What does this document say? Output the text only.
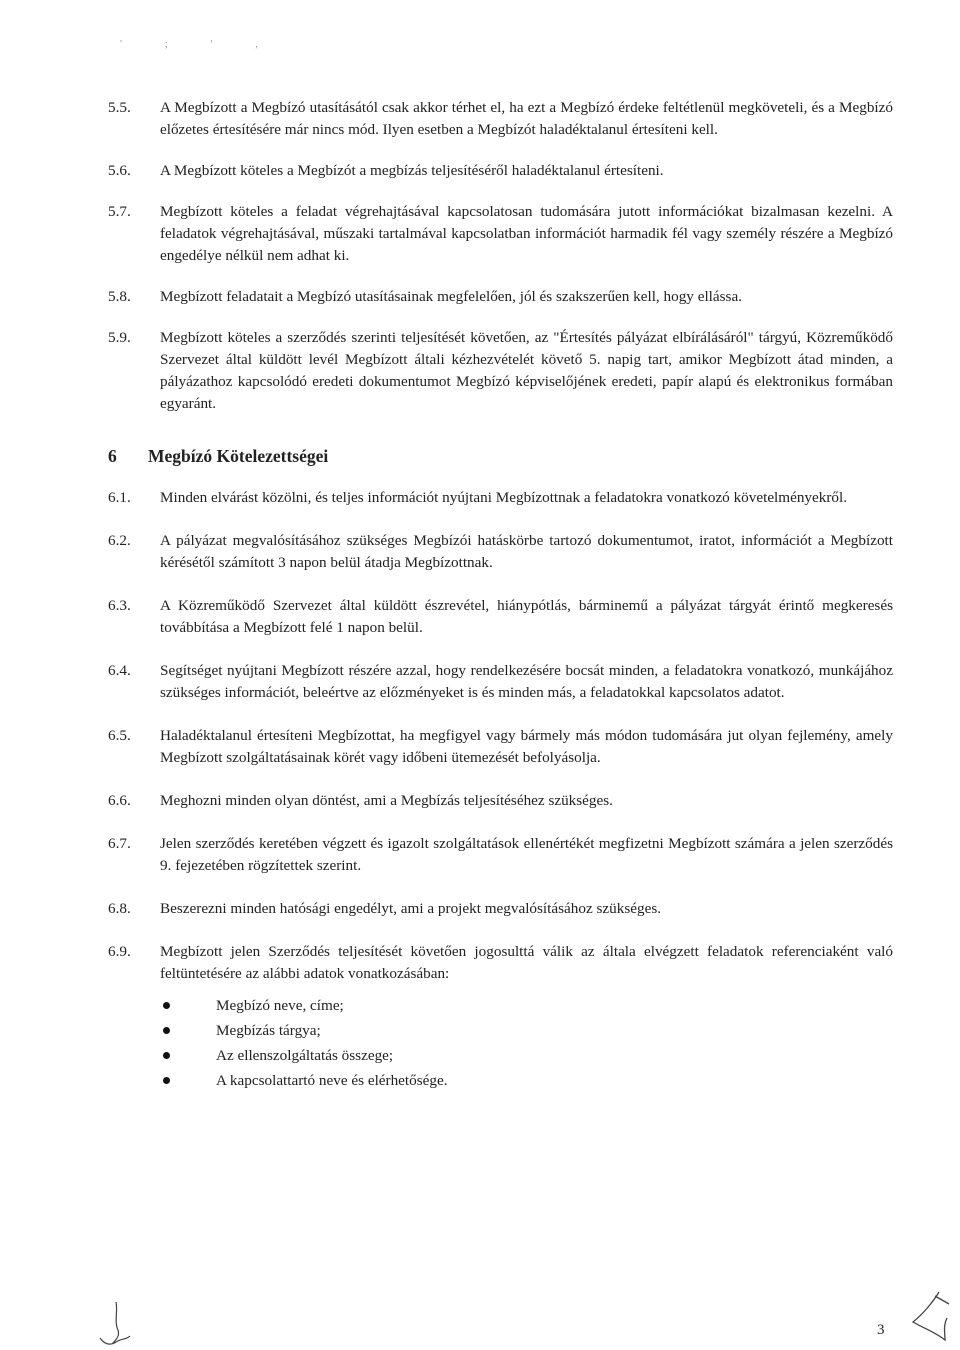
' ; ' ,
5.5.	A Megbízott a Megbízó utasításától csak akkor térhet el, ha ezt a Megbízó érdeke feltétlenül megköveteli, és a Megbízó előzetes értesítésére már nincs mód. Ilyen esetben a Megbízót haladéktalanul értesíteni kell.
5.6.	A Megbízott köteles a Megbízót a megbízás teljesítéséről haladéktalanul értesíteni.
5.7.	Megbízott köteles a feladat végrehajtásával kapcsolatosan tudomására jutott információkat bizalmasan kezelni. A feladatok végrehajtásával, műszaki tartalmával kapcsolatban információt harmadik fél vagy személy részére a Megbízó engedélye nélkül nem adhat ki.
5.8.	Megbízott feladatait a Megbízó utasításainak megfelelően, jól és szakszerűen kell, hogy ellássa.
5.9.	Megbízott köteles a szerződés szerinti teljesítését követően, az "Értesítés pályázat elbírálásáról" tárgyú, Közreműködő Szervezet által küldött levél Megbízott általi kézhezvételét követő 5. napig tart, amikor Megbízott átad minden, a pályázathoz kapcsolódó eredeti dokumentumot Megbízó képviselőjének eredeti, papír alapú és elektronikus formában egyaránt.
6	Megbízó Kötelezettségei
6.1.	Minden elvárást közölni, és teljes információt nyújtani Megbízottnak a feladatokra vonatkozó követelményekről.
6.2.	A pályázat megvalósításához szükséges Megbízói hatáskörbe tartozó dokumentumot, iratot, információt a Megbízott kérésétől számított 3 napon belül átadja Megbízottnak.
6.3.	A Közreműködő Szervezet által küldött észrevétel, hiánypótlás, bárminemű a pályázat tárgyát érintő megkeresés továbbítása a Megbízott felé 1 napon belül.
6.4.	Segítséget nyújtani Megbízott részére azzal, hogy rendelkezésére bocsát minden, a feladatokra vonatkozó, munkájához szükséges információt, beleértve az előzményeket is és minden más, a feladatokkal kapcsolatos adatot.
6.5.	Haladéktalanul értesíteni Megbízottat, ha megfigyel vagy bármely más módon tudomására jut olyan fejlemény, amely Megbízott szolgáltatásainak körét vagy időbeni ütemezését befolyásolja.
6.6.	Meghozni minden olyan döntést, ami a Megbízás teljesítéséhez szükséges.
6.7.	Jelen szerződés keretében végzett és igazolt szolgáltatások ellenértékét megfizetni Megbízott számára a jelen szerződés 9. fejezetében rögzítettek szerint.
6.8.	Beszerezni minden hatósági engedélyt, ami a projekt megvalósításához szükséges.
6.9.	Megbízott jelen Szerződés teljesítését követően jogosulttá válik az általa elvégzett feladatok referenciaként való feltüntetésére az alábbi adatok vonatkozásában:
Megbízó neve, címe;
Megbízás tárgya;
Az ellenszolgáltatás összege;
A kapcsolattartó neve és elérhetősége.
3
